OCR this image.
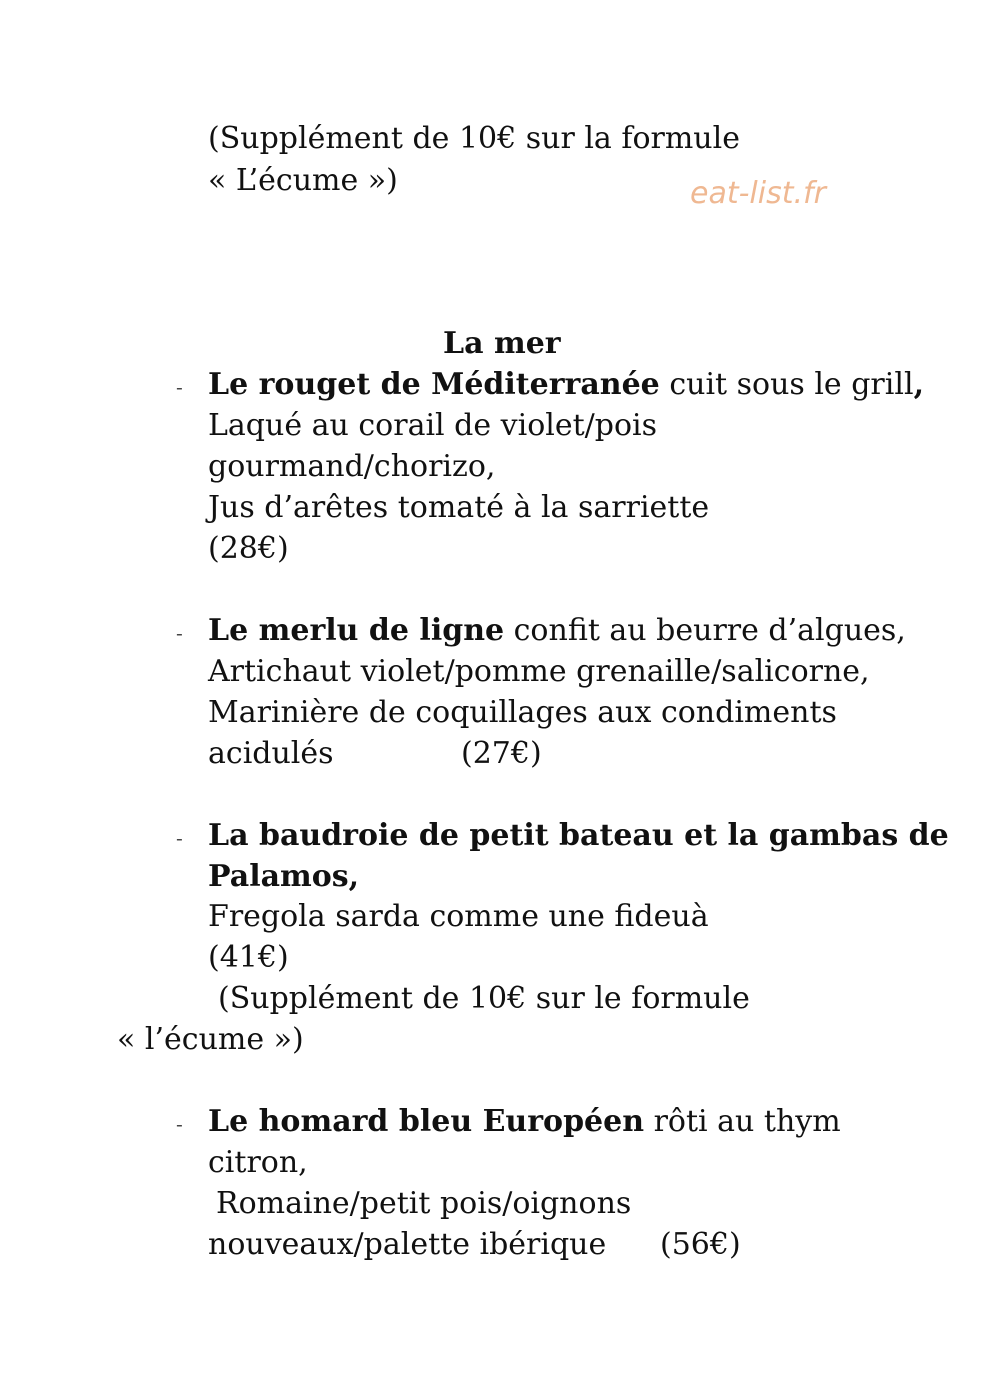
(Supplément de 10€ sur la formule
« L’écume »)	eat-list.fr
La mer
- Le rouget de Méditerranée cuit sous le grill,
Laqué au corail de violet/pois
gourmand/chorizo,
Jus d’arêtes tomaté à la sarriette
(28€)
- Le merlu de ligne confit au beurre d’algues,
Artichaut violet/pomme grenaille/salicorne,
Marinière de coquillages aux condiments
acidulés	(27€)
- La baudroie de petit bateau et la gambas de
Palamos,
Fregola sarda comme une fideuà
(41€)
(Supplément de 10€ sur le formule
« l’écume »)
- Le homard bleu Européen rôti au thym
citron,
Romaine/petit pois/oignons
nouveaux/palette ibérique (56€)
